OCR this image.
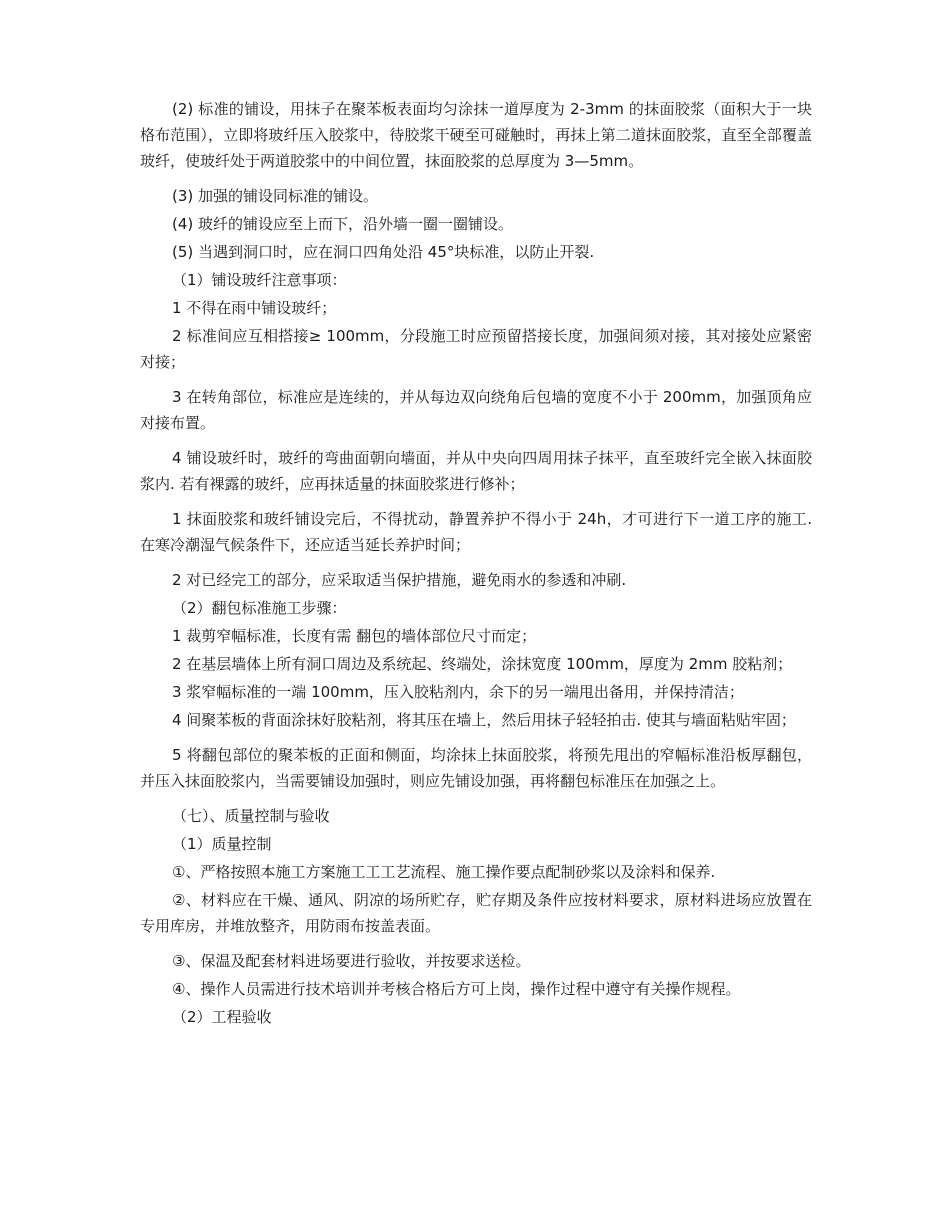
(2) 标准的铺设，用抹子在聚苯板表面均匀涂抹一道厚度为 2-3mm 的抹面胶浆（面积大于一块格布范围），立即将玻纤压入胶浆中，待胶浆干硬至可碰触时，再抹上第二道抹面胶浆，直至全部覆盖玻纤，使玻纤处于两道胶浆中的中间位置，抹面胶浆的总厚度为 3—5mm。

(3) 加强的铺设同标准的铺设。

(4) 玻纤的铺设应至上而下，沿外墙一圈一圈铺设。

(5) 当遇到洞口时，应在洞口四角处沿 45°块标准，以防止开裂.

（1）铺设玻纤注意事项：

1 不得在雨中铺设玻纤；

2 标准间应互相搭接≥ 100mm，分段施工时应预留搭接长度，加强间须对接，其对接处应紧密对接；

3 在转角部位，标准应是连续的，并从每边双向绕角后包墙的宽度不小于 200mm，加强顶角应对接布置。

4 铺设玻纤时，玻纤的弯曲面朝向墙面，并从中央向四周用抹子抹平，直至玻纤完全嵌入抹面胶浆内. 若有裸露的玻纤，应再抹适量的抹面胶浆进行修补；

1 抹面胶浆和玻纤铺设完后，不得扰动，静置养护不得小于 24h，才可进行下一道工序的施工. 在寒冷潮湿气候条件下，还应适当延长养护时间；

2 对已经完工的部分，应采取适当保护措施，避免雨水的参透和冲刷.

（2）翻包标准施工步骤：

1 裁剪窄幅标准，长度有需 翻包的墙体部位尺寸而定；

2 在基层墙体上所有洞口周边及系统起、终端处，涂抹宽度 100mm，厚度为 2mm 胶粘剂；

3 浆窄幅标准的一端 100mm，压入胶粘剂内，余下的另一端甩出备用，并保持清洁；

4 间聚苯板的背面涂抹好胶粘剂，将其压在墙上，然后用抹子轻轻拍击. 使其与墙面粘贴牢固；

5 将翻包部位的聚苯板的正面和侧面，均涂抹上抹面胶浆，将预先甩出的窄幅标准沿板厚翻包，并压入抹面胶浆内，当需要铺设加强时，则应先铺设加强，再将翻包标准压在加强之上。

（七）、质量控制与验收

（1）质量控制

①、严格按照本施工方案施工工工艺流程、施工操作要点配制砂浆以及涂料和保养.

②、材料应在干燥、通风、阴凉的场所贮存，贮存期及条件应按材料要求，原材料进场应放置在专用库房，并堆放整齐，用防雨布按盖表面。

③、保温及配套材料进场要进行验收，并按要求送检。

④、操作人员需进行技术培训并考核合格后方可上岗，操作过程中遵守有关操作规程。

（2）工程验收
